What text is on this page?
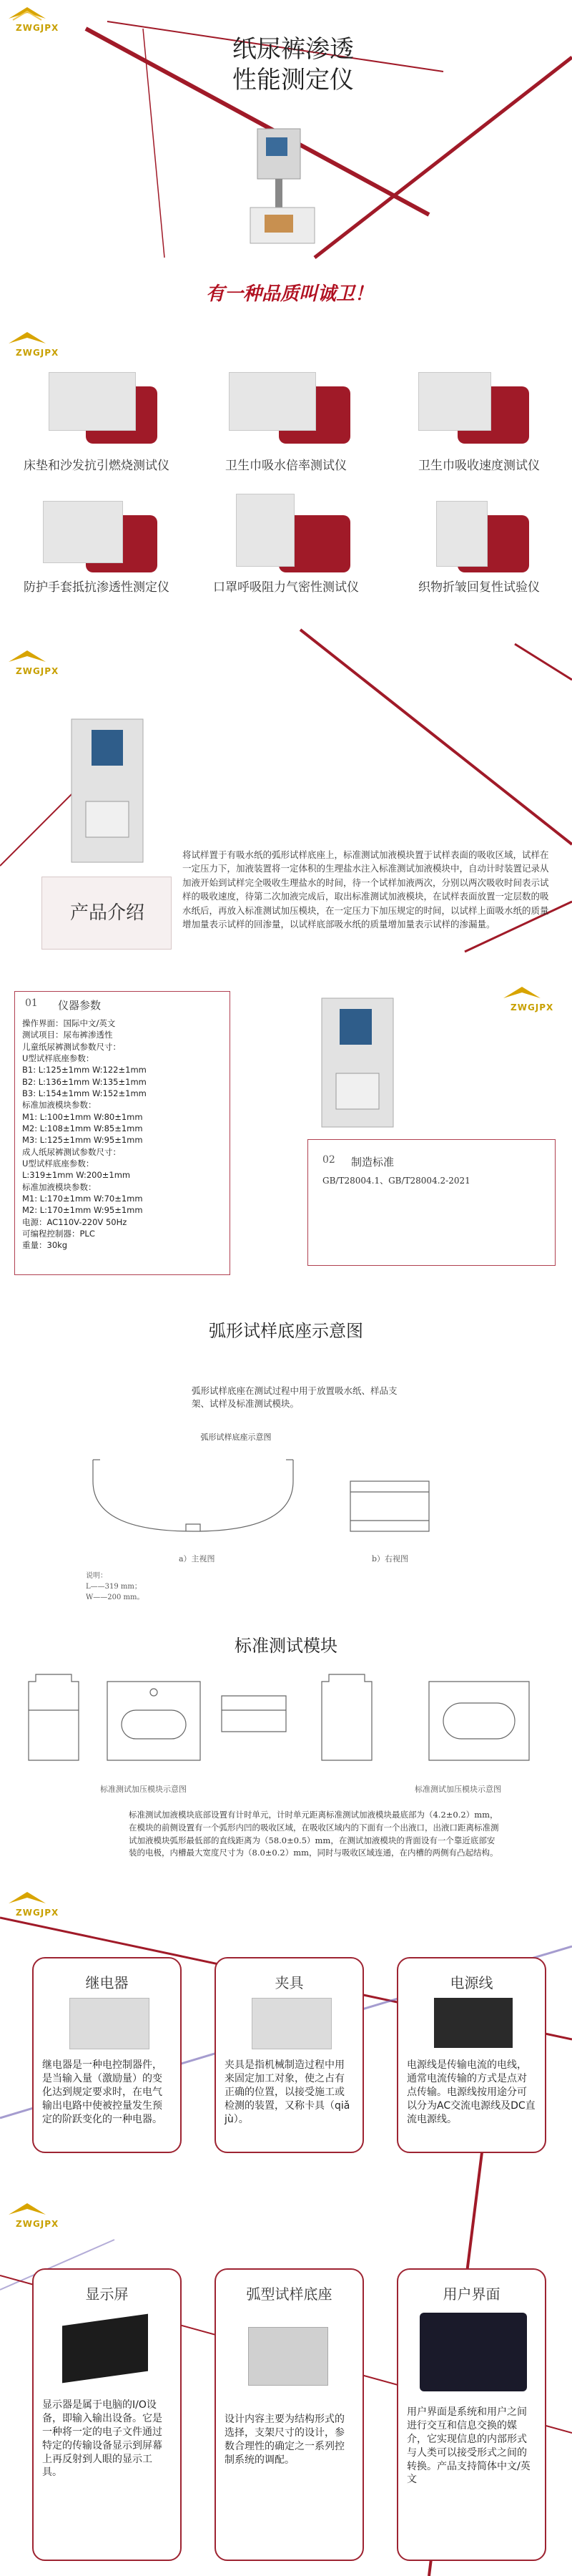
ZWGJPX
纸尿裤渗透
性能测定仪
有一种品质叫诚卫！
ZWGJPX
床垫和沙发抗引燃烧测试仪	卫生巾吸水倍率测试仪	卫生巾吸收速度测试仪
防护手套抵抗渗透性测定仪	口罩呼吸阻力气密性测试仪	织物折皱回复性试验仪
ZWGJPX
产品介绍
将试样置于有吸水纸的弧形试样底座上，标准测试加液模块置于试样表面的吸收区域，试样在一定压力下，加液装置将一定体积的生理盐水注入标准测试加液模块中，自动计时装置记录从加液开始到试样完全吸收生理盐水的时间，待一个试样加液两次，分别以两次吸收时间表示试样的吸收速度，待第二次加液完成后，取出标准测试加液模块，在试样表面放置一定层数的吸水纸后，再放入标准测试加压模块，在一定压力下加压规定的时间，以试样上面吸水纸的质量增加量表示试样的回渗量，以试样底部吸水纸的质量增加量表示试样的渗漏量。
01 仪器参数
操作界面：国际中文/英文
测试项目：尿布裤渗透性
儿童纸尿裤测试参数尺寸：
U型试样底座参数：
B1: L:125±1mm W:122±1mm
B2: L:136±1mm W:135±1mm
B3: L:154±1mm W:152±1mm
标准加液模块参数：
M1: L:100±1mm W:80±1mm
M2: L:108±1mm W:85±1mm
M3: L:125±1mm W:95±1mm
成人纸尿裤测试参数尺寸：
U型试样底座参数：
L:319±1mm W:200±1mm
标准加液模块参数：
M1: L:170±1mm W:70±1mm
M2: L:170±1mm W:95±1mm
电源：AC110V-220V 50Hz
可编程控制器：PLC
重量：30kg
ZWGJPX
02 制造标准
GB/T28004.1、GB/T28004.2-2021
弧形试样底座示意图
弧形试样底座在测试过程中用于放置吸水纸、样品支架、试样及标准测试模块。
弧形试样底座示意图
a）主视图	b）右视图
说明：
L——319 mm；
W——200 mm。
标准测试模块
标准测试加压模块示意图	标准测试加压模块示意图
标准测试加液模块底部设置有计时单元，计时单元距离标准测试加液模块最底部为（4.2±0.2）mm，在模块的前侧设置有一个弧形内凹的吸收区域，在吸收区域内的下面有一个出液口，出液口距离标准测试加液模块弧形最低部的直线距离为（58.0±0.5）mm，在测试加液模块的背面设有一个靠近底部安装的电极，内槽最大宽度尺寸为（8.0±0.2）mm，同时与吸收区域连通，在内槽的两侧有凸起结构。
ZWGJPX
继电器
继电器是一种电控制器件，是当输入量（激励量）的变化达到规定要求时，在电气输出电路中使被控量发生预定的阶跃变化的一种电器。
夹具
夹具是指机械制造过程中用来固定加工对象，使之占有正确的位置，以接受施工或检测的装置，又称卡具（qiǎ jù）。
电源线
电源线是传输电流的电线，通常电流传输的方式是点对点传输。电源线按用途分可以分为AC交流电源线及DC直流电源线。
ZWGJPX
显示屏
显示器是属于电脑的I/O设备，即输入输出设备。它是一种将一定的电子文件通过特定的传输设备显示到屏幕上再反射到人眼的显示工具。
弧型试样底座
设计内容主要为结构形式的选择，支架尺寸的设计，参数合理性的确定之一系列控制系统的调配。
用户界面
用户界面是系统和用户之间进行交互和信息交换的媒介，它实现信息的内部形式与人类可以接受形式之间的转换。产品支持简体中文/英文
